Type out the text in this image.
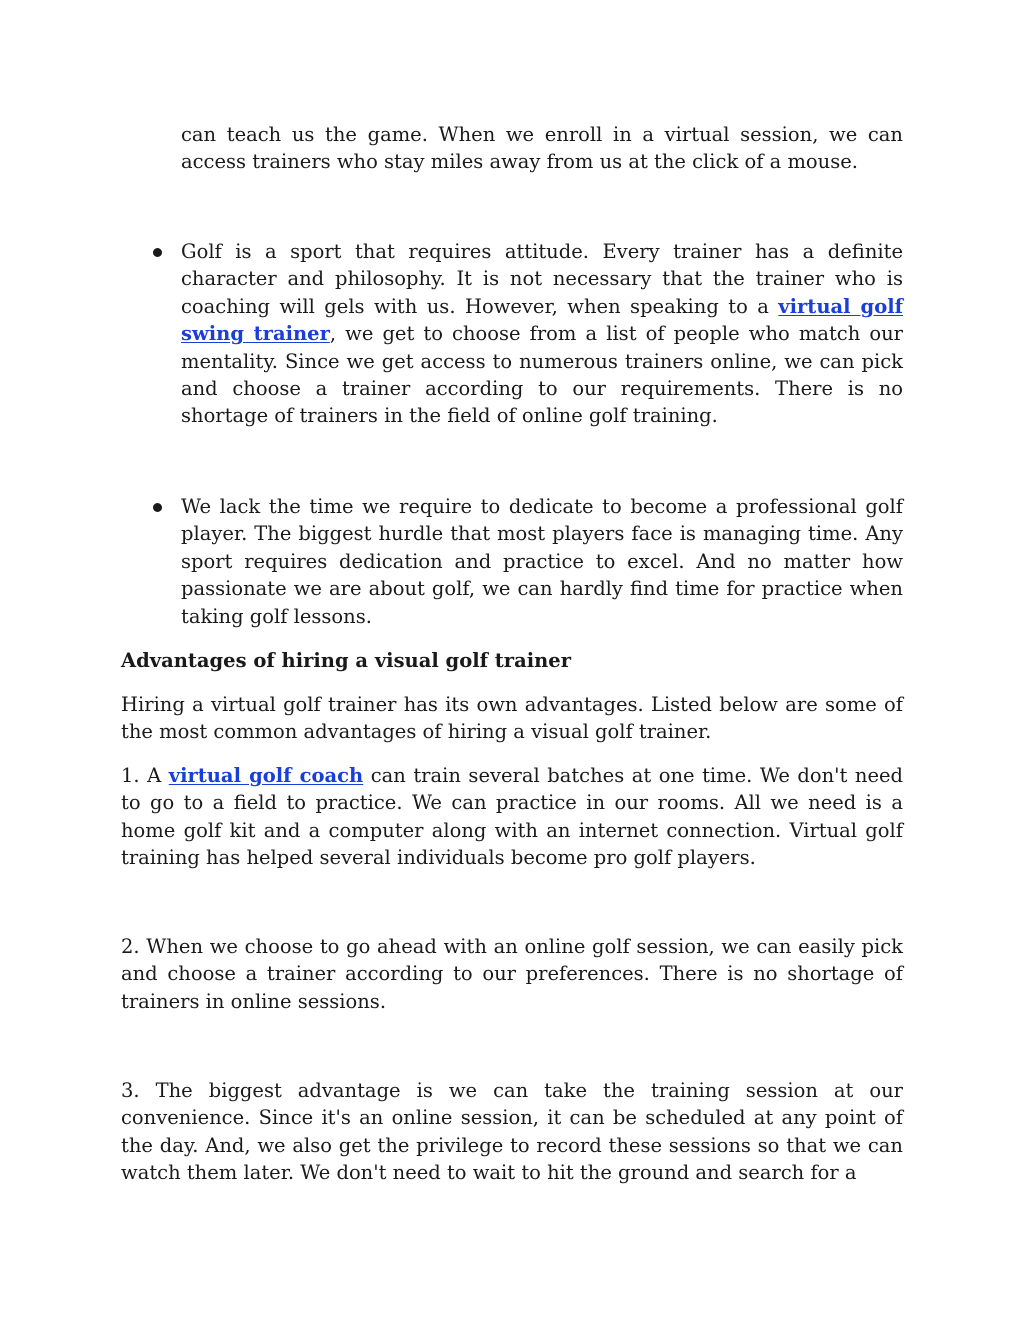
can teach us the game. When we enroll in a virtual session, we can access trainers who stay miles away from us at the click of a mouse.

Golf is a sport that requires attitude. Every trainer has a definite character and philosophy. It is not necessary that the trainer who is coaching will gels with us. However, when speaking to a virtual golf swing trainer, we get to choose from a list of people who match our mentality. Since we get access to numerous trainers online, we can pick and choose a trainer according to our requirements. There is no shortage of trainers in the field of online golf training.

We lack the time we require to dedicate to become a professional golf player. The biggest hurdle that most players face is managing time. Any sport requires dedication and practice to excel. And no matter how passionate we are about golf, we can hardly find time for practice when taking golf lessons.

Advantages of hiring a visual golf trainer

Hiring a virtual golf trainer has its own advantages. Listed below are some of the most common advantages of hiring a visual golf trainer.

1. A virtual golf coach can train several batches at one time. We don't need to go to a field to practice. We can practice in our rooms. All we need is a home golf kit and a computer along with an internet connection. Virtual golf training has helped several individuals become pro golf players.

2. When we choose to go ahead with an online golf session, we can easily pick and choose a trainer according to our preferences. There is no shortage of trainers in online sessions.

3. The biggest advantage is we can take the training session at our convenience. Since it's an online session, it can be scheduled at any point of the day. And, we also get the privilege to record these sessions so that we can watch them later. We don't need to wait to hit the ground and search for a
